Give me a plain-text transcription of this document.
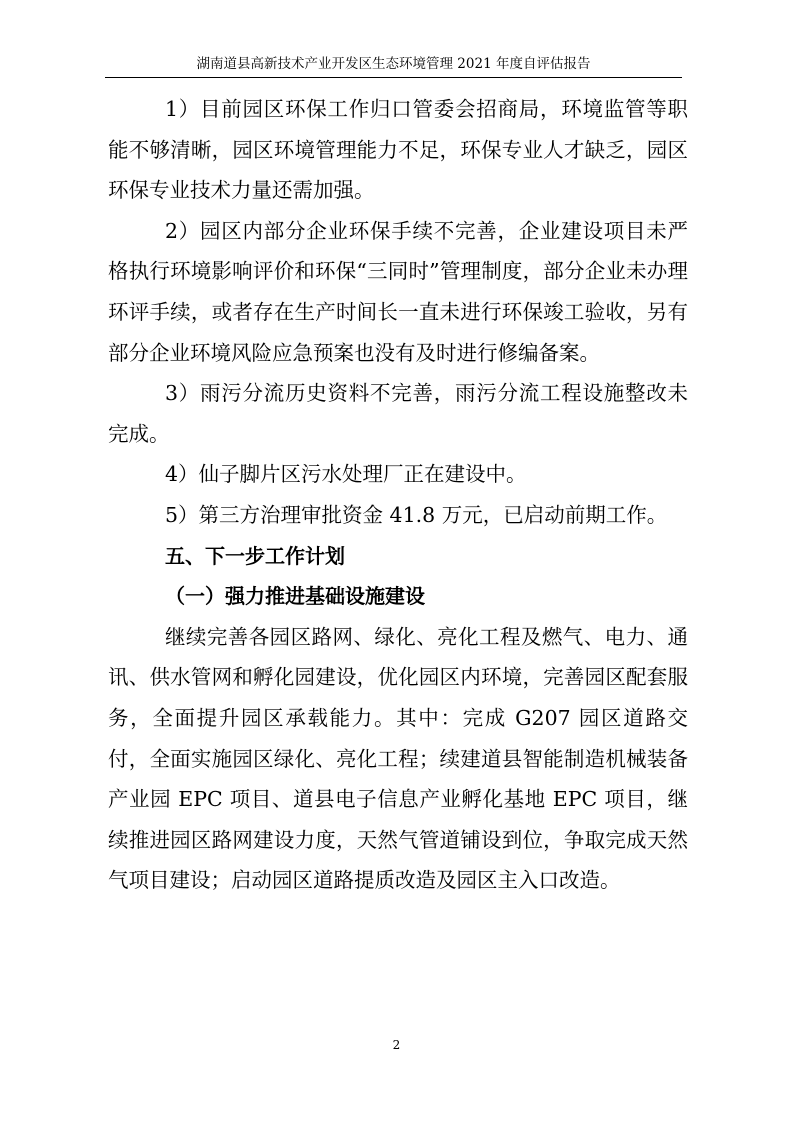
湖南道县高新技术产业开发区生态环境管理 2021 年度自评估报告

1）目前园区环保工作归口管委会招商局，环境监管等职能不够清晰，园区环境管理能力不足，环保专业人才缺乏，园区环保专业技术力量还需加强。

2）园区内部分企业环保手续不完善，企业建设项目未严格执行环境影响评价和环保“三同时”管理制度，部分企业未办理环评手续，或者存在生产时间长一直未进行环保竣工验收，另有部分企业环境风险应急预案也没有及时进行修编备案。

3）雨污分流历史资料不完善，雨污分流工程设施整改未完成。

4）仙子脚片区污水处理厂正在建设中。

5）第三方治理审批资金 41.8 万元，已启动前期工作。

五、下一步工作计划

（一）强力推进基础设施建设

继续完善各园区路网、绿化、亮化工程及燃气、电力、通讯、供水管网和孵化园建设，优化园区内环境，完善园区配套服务，全面提升园区承载能力。其中：完成 G207 园区道路交付，全面实施园区绿化、亮化工程；续建道县智能制造机械装备产业园 EPC 项目、道县电子信息产业孵化基地 EPC 项目，继续推进园区路网建设力度，天然气管道铺设到位，争取完成天然气项目建设；启动园区道路提质改造及园区主入口改造。

2
